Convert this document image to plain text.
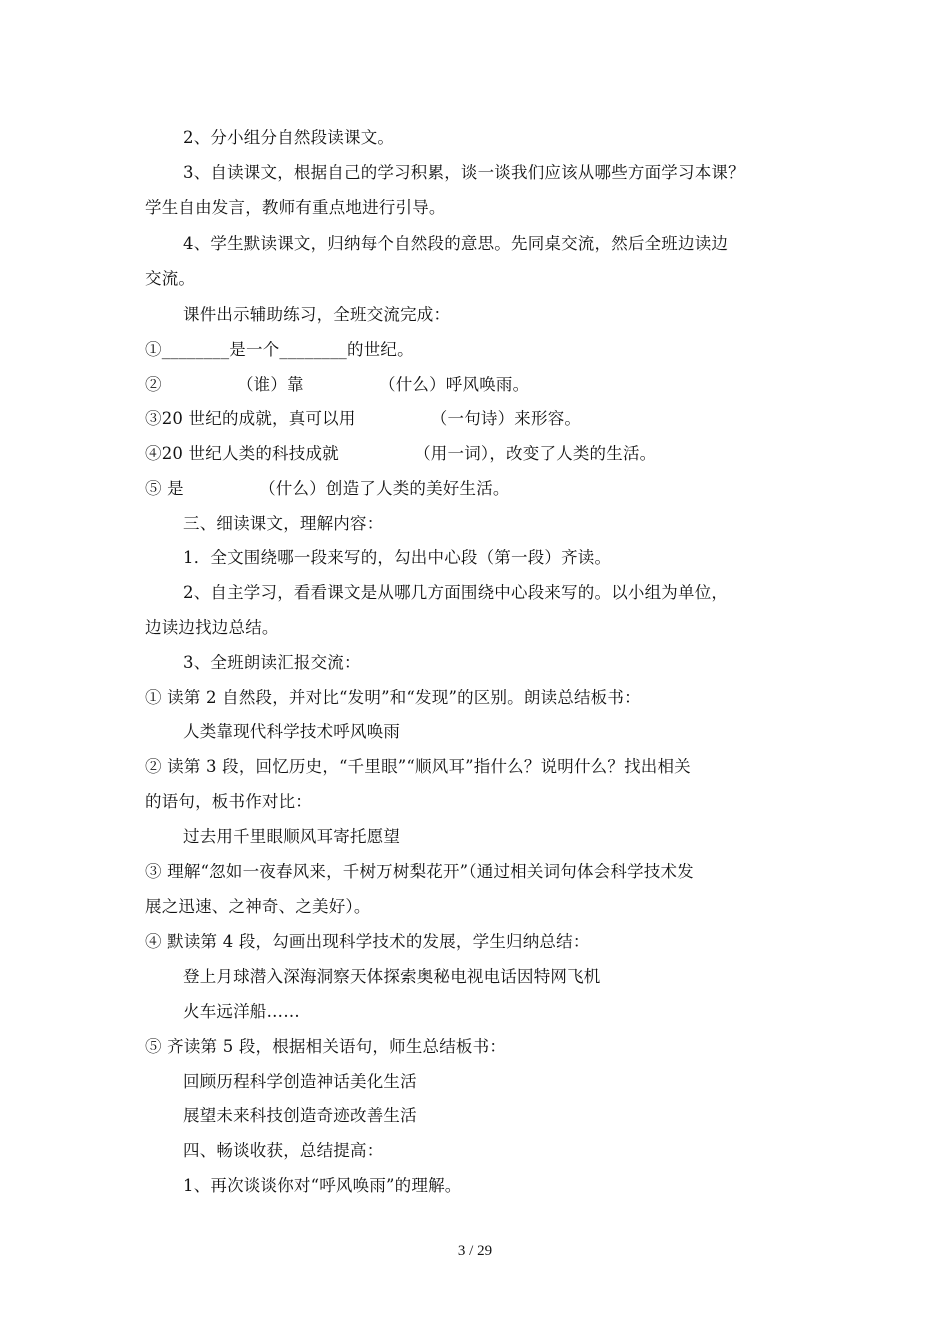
2、分小组分自然段读课文。
3、自读课文，根据自己的学习积累，谈一谈我们应该从哪些方面学习本课？
学生自由发言，教师有重点地进行引导。
4、学生默读课文，归纳每个自然段的意思。先同桌交流，然后全班边读边
交流。
课件出示辅助练习，全班交流完成：
①________是一个________的世纪。
②　　　　　（谁）靠　　　　　（什么）呼风唤雨。
③20 世纪的成就，真可以用　　　　　（一句诗）来形容。
④20 世纪人类的科技成就　　　　　（用一词），改变了人类的生活。
⑤ 是　　　　　（什么）创造了人类的美好生活。
三、细读课文，理解内容：
1．全文围绕哪一段来写的，勾出中心段（第一段）齐读。
2、自主学习，看看课文是从哪几方面围绕中心段来写的。以小组为单位，
边读边找边总结。
3、全班朗读汇报交流：
① 读第 2 自然段，并对比“发明”和“发现”的区别。朗读总结板书：
人类靠现代科学技术呼风唤雨
② 读第 3 段，回忆历史，“千里眼”“顺风耳”指什么？说明什么？找出相关
的语句，板书作对比：
过去用千里眼顺风耳寄托愿望
③ 理解“忽如一夜春风来，千树万树梨花开”（通过相关词句体会科学技术发
展之迅速、之神奇、之美好）。
④ 默读第 4 段，勾画出现科学技术的发展，学生归纳总结：
登上月球潜入深海洞察天体探索奥秘电视电话因特网飞机
火车远洋船……
⑤ 齐读第 5 段，根据相关语句，师生总结板书：
回顾历程科学创造神话美化生活
展望未来科技创造奇迹改善生活
四、畅谈收获，总结提高：
1、再次谈谈你对“呼风唤雨”的理解。
3 / 29
